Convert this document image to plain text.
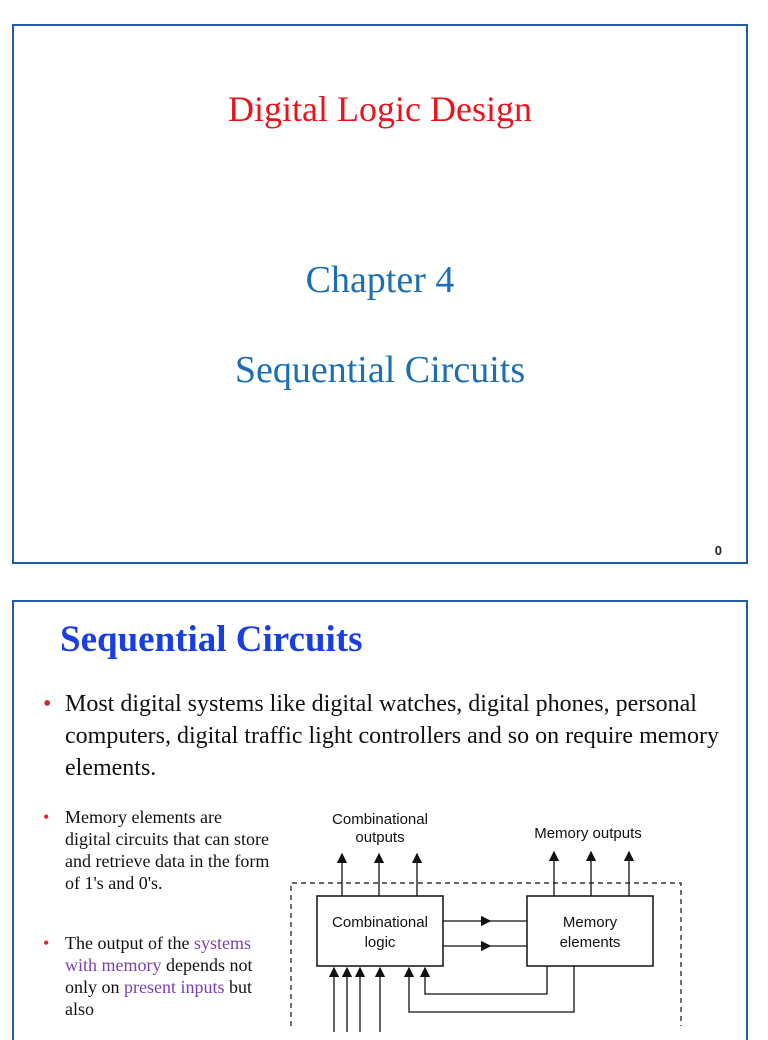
Digital Logic Design
Chapter 4
Sequential Circuits
0
Sequential Circuits
• Most digital systems like digital watches, digital phones, personal computers, digital traffic light controllers and so on require memory elements.
• Memory elements are digital circuits that can store and retrieve data in the form of 1's and 0's.
• The output of the systems with memory depends not only on present inputs but also
Combinational
outputs	Memory outputs
Combinational
logic
Memory
elements
